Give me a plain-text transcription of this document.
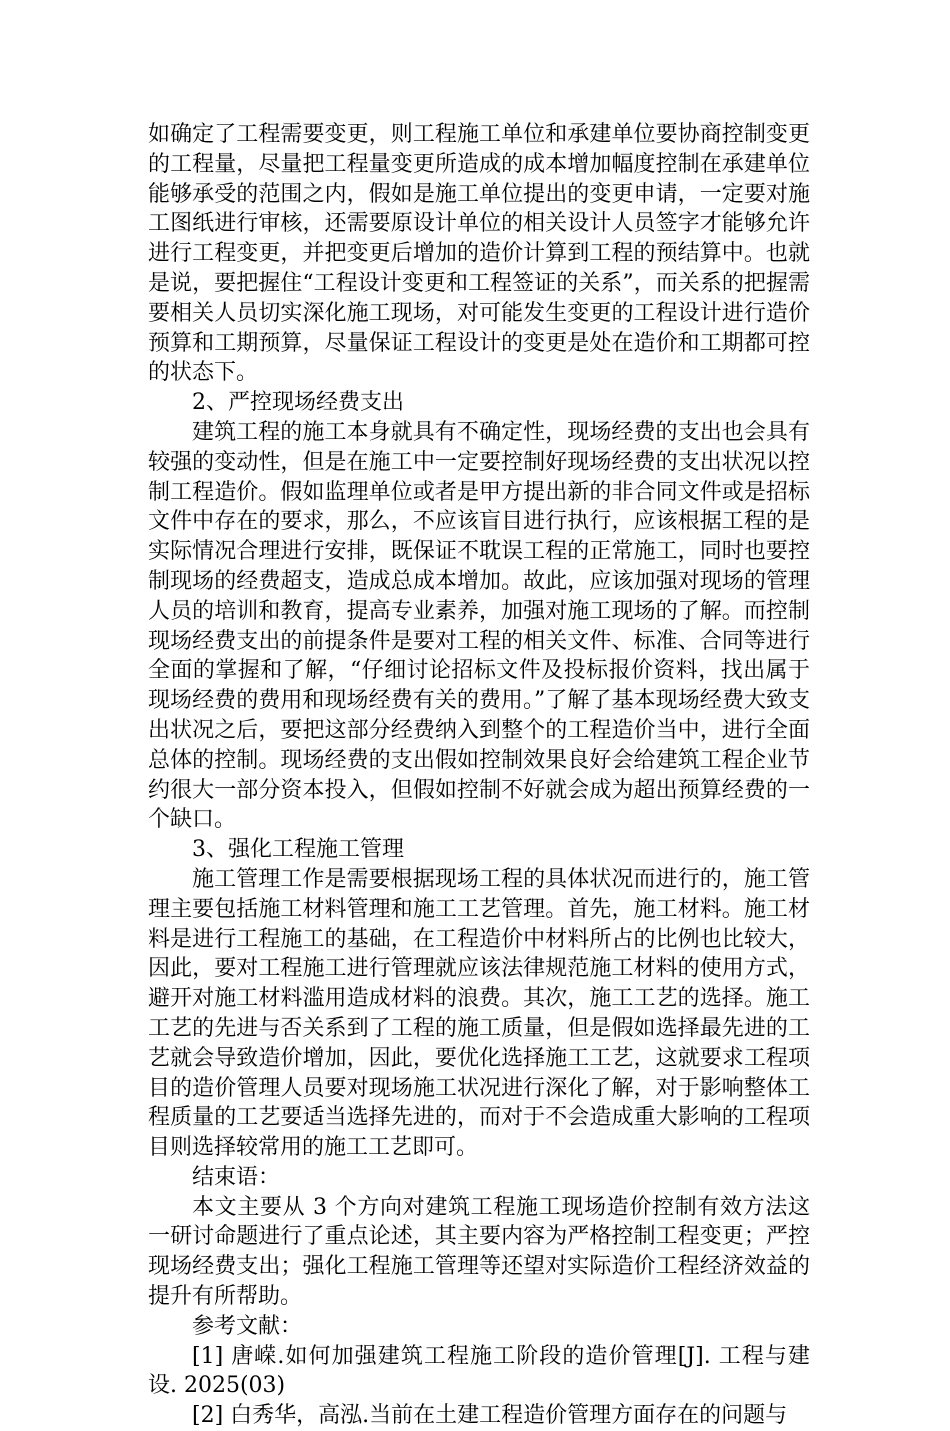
如确定了工程需要变更，则工程施工单位和承建单位要协商控制变更的工程量，尽量把工程量变更所造成的成本增加幅度控制在承建单位能够承受的范围之内，假如是施工单位提出的变更申请，一定要对施工图纸进行审核，还需要原设计单位的相关设计人员签字才能够允许进行工程变更，并把变更后增加的造价计算到工程的预结算中。也就是说，要把握住“工程设计变更和工程签证的关系”，而关系的把握需要相关人员切实深化施工现场，对可能发生变更的工程设计进行造价预算和工期预算，尽量保证工程设计的变更是处在造价和工期都可控的状态下。

2、严控现场经费支出

建筑工程的施工本身就具有不确定性，现场经费的支出也会具有较强的变动性，但是在施工中一定要控制好现场经费的支出状况以控制工程造价。假如监理单位或者是甲方提出新的非合同文件或是招标文件中存在的要求，那么，不应该盲目进行执行，应该根据工程的是实际情况合理进行安排，既保证不耽误工程的正常施工，同时也要控制现场的经费超支，造成总成本增加。故此，应该加强对现场的管理人员的培训和教育，提高专业素养，加强对施工现场的了解。而控制现场经费支出的前提条件是要对工程的相关文件、标准、合同等进行全面的掌握和了解，“仔细讨论招标文件及投标报价资料，找出属于现场经费的费用和现场经费有关的费用。”了解了基本现场经费大致支出状况之后，要把这部分经费纳入到整个的工程造价当中，进行全面总体的控制。现场经费的支出假如控制效果良好会给建筑工程企业节约很大一部分资本投入，但假如控制不好就会成为超出预算经费的一个缺口。

3、强化工程施工管理

施工管理工作是需要根据现场工程的具体状况而进行的，施工管理主要包括施工材料管理和施工工艺管理。首先，施工材料。施工材料是进行工程施工的基础，在工程造价中材料所占的比例也比较大，因此，要对工程施工进行管理就应该法律规范施工材料的使用方式，避开对施工材料滥用造成材料的浪费。其次，施工工艺的选择。施工工艺的先进与否关系到了工程的施工质量，但是假如选择最先进的工艺就会导致造价增加，因此，要优化选择施工工艺，这就要求工程项目的造价管理人员要对现场施工状况进行深化了解，对于影响整体工程质量的工艺要适当选择先进的，而对于不会造成重大影响的工程项目则选择较常用的施工工艺即可。

结束语：

本文主要从 3 个方向对建筑工程施工现场造价控制有效方法这一研讨命题进行了重点论述，其主要内容为严格控制工程变更；严控现场经费支出；强化工程施工管理等还望对实际造价工程经济效益的提升有所帮助。

参考文献：

[1] 唐嵘.如何加强建筑工程施工阶段的造价管理[J]. 工程与建设. 2025(03)

[2] 白秀华，高泓.当前在土建工程造价管理方面存在的问题与
